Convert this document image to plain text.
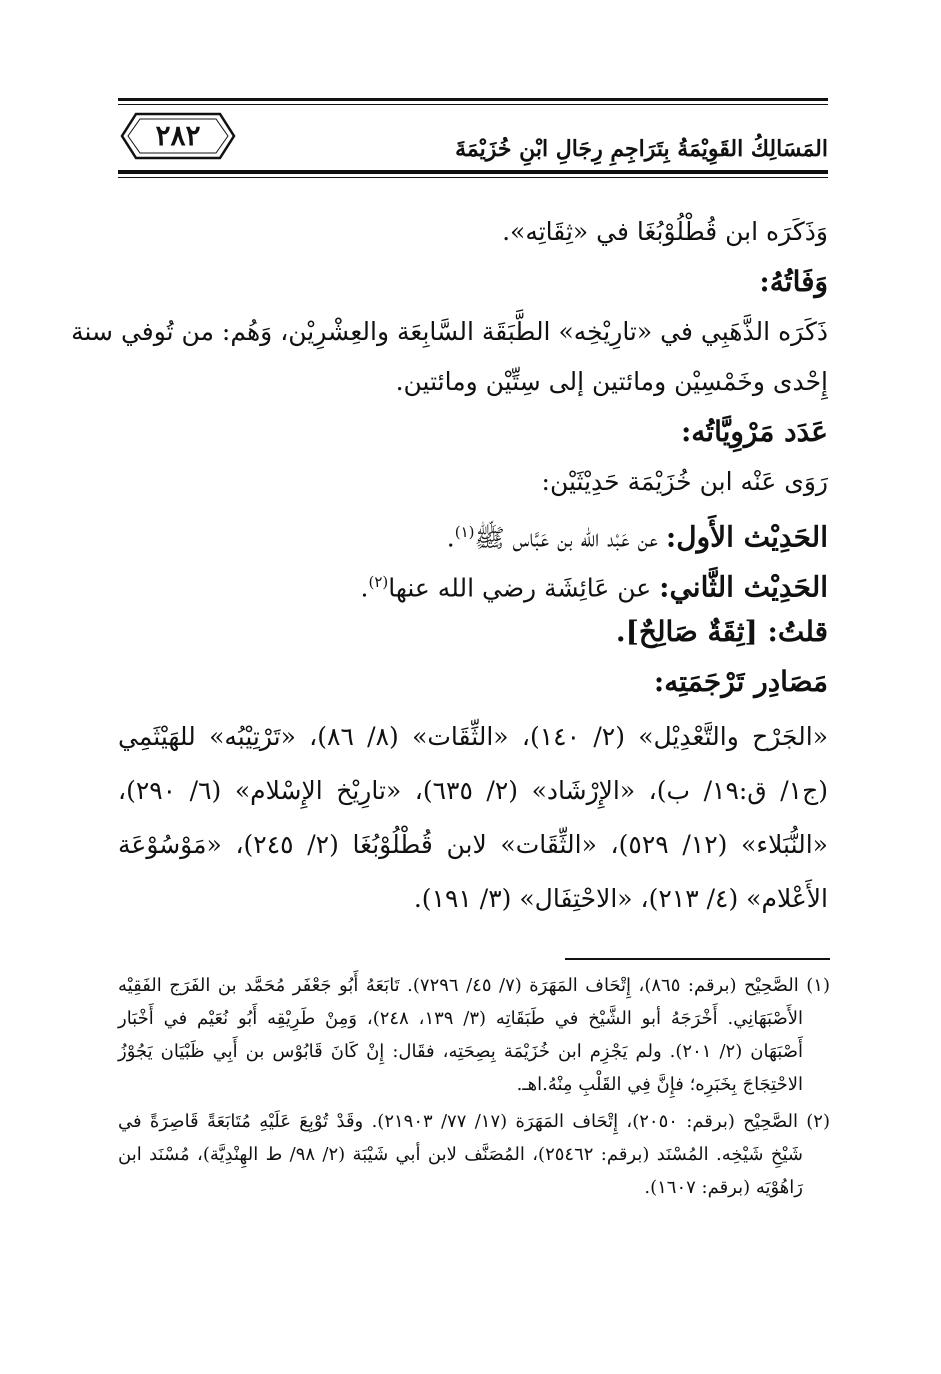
٢٨٢	المَسَالِكُ القَوِيْمَةُ بِتَرَاجِمِ رِجَالِ ابْنِ خُزَيْمَةَ
وَذَكَرَه ابن قُطْلُوْبُغَا في «ثِقَاتِه».
وَفَاتُهُ:
ذَكَرَه الذَّهَبِي في «تارِيْخِه» الطَّبَقَة السَّابِعَة والعِشْرِيْن، وَهُم: من تُوفي سنة
إِحْدى وخَمْسِيْن ومائتين إلى سِتِّيْن ومائتين.
عَدَد مَرْوِيَّاتُه:
رَوَى عَنْه ابن خُزَيْمَة حَدِيْثَيْن:
الحَدِيْث الأَول: عن عَبْد الله بن عَبَّاس ﷺ$^{(١)}$.
الحَدِيْث الثَّاني: عن عَائِشَة رضي الله عنها$^{(٢)}$.
قلتُ: [ثِقَةٌ صَالِحٌ].
مَصَادِر تَرْجَمَتِه:
«الجَرْح والتَّعْدِيْل» (٢/ ١٤٠)، «الثِّقَات» (٨/ ٨٦)، «تَرْتِيْبُه» للهَيْثَمِي
(ج١/ ق:١٩/ ب)، «الإِرْشَاد» (٢/ ٦٣٥)، «تارِيْخ الإِسْلام» (٦/ ٢٩٠)،
«النُّبَلاء» (١٢/ ٥٢٩)، «الثِّقَات» لابن قُطْلُوْبُغَا (٢/ ٢٤٥)، «مَوْسُوْعَة
الأَعْلام» (٤/ ٢١٣)، «الاحْتِفَال» (٣/ ١٩١).
(١) الصَّحِيْح (برقم: ٨٦٥)، إِتْحَاف المَهَرَة (٧/ ٤٥/ ٧٢٩٦). تَابَعَهُ أَبُو جَعْفَر مُحَمَّد بن الفَرَج الفَقِيْه
الأَصْبَهَانِي. أَخْرَجَهُ أبو الشَّيْخ في طَبَقَاتِه (٣/ ١٣٩، ٢٤٨)، وَمِنْ طَرِيْقِه أَبُو نُعَيْم في أَخْبَار
أَصْبَهَان (٢/ ٢٠١). ولم يَجْزِم ابن خُزَيْمَة بِصِحَتِه، فقَال: إِنْ كَانَ قَابُوْس بن أَبِي ظَبْيَان يَجُوْزُ
الاحْتِجَاجَ بِخَبَرِه؛ فإِنَّ فِي القَلْبِ مِنْهُ.اهـ.
(٢) الصَّحِيْح (برقم: ٢٠٥٠)، إِتْحَاف المَهَرَة (١٧/ ٧٧/ ٢١٩٠٣). وقَدْ تُوْبِعَ عَلَيْهِ مُتَابَعَةً قَاصِرَةً في
شَيْخِ شَيْخِه. المُسْنَد (برقم: ٢٥٤٦٢)، المُصَنَّف لابن أبي شَيْبَة (٢/ ٩٨/ ط الهِنْدِيَّة)، مُسْنَد ابن
رَاهُوْيَه (برقم: ١٦٠٧).
